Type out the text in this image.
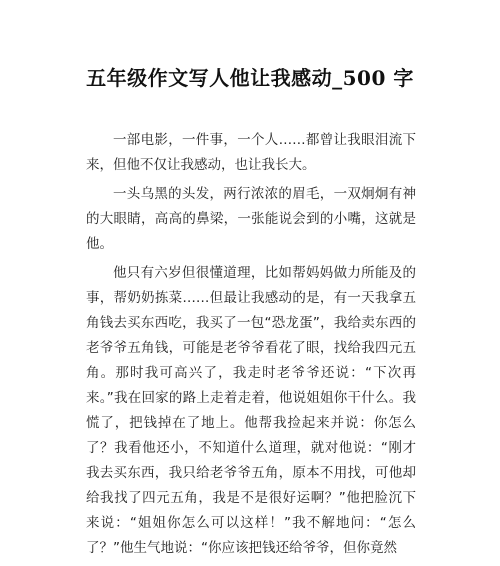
五年级作文写人他让我感动_500 字

一部电影，一件事，一个人……都曾让我眼泪流下来，但他不仅让我感动，也让我长大。

一头乌黑的头发，两行浓浓的眉毛，一双炯炯有神的大眼睛，高高的鼻梁，一张能说会到的小嘴，这就是他。

他只有六岁但很懂道理，比如帮妈妈做力所能及的事，帮奶奶拣菜……但最让我感动的是，有一天我拿五角钱去买东西吃，我买了一包“恐龙蛋”，我给卖东西的老爷爷五角钱，可能是老爷爷看花了眼，找给我四元五角。那时我可高兴了，我走时老爷爷还说：“下次再来。”我在回家的路上走着走着，他说姐姐你干什么。我慌了，把钱掉在了地上。他帮我捡起来并说：你怎么了？我看他还小，不知道什么道理，就对他说：“刚才我去买东西，我只给老爷爷五角，原本不用找，可他却给我找了四元五角，我是不是很好运啊？”他把脸沉下来说：“姐姐你怎么可以这样！”我不解地问：“怎么了？”他生气地说：“你应该把钱还给爷爷，但你竟然
